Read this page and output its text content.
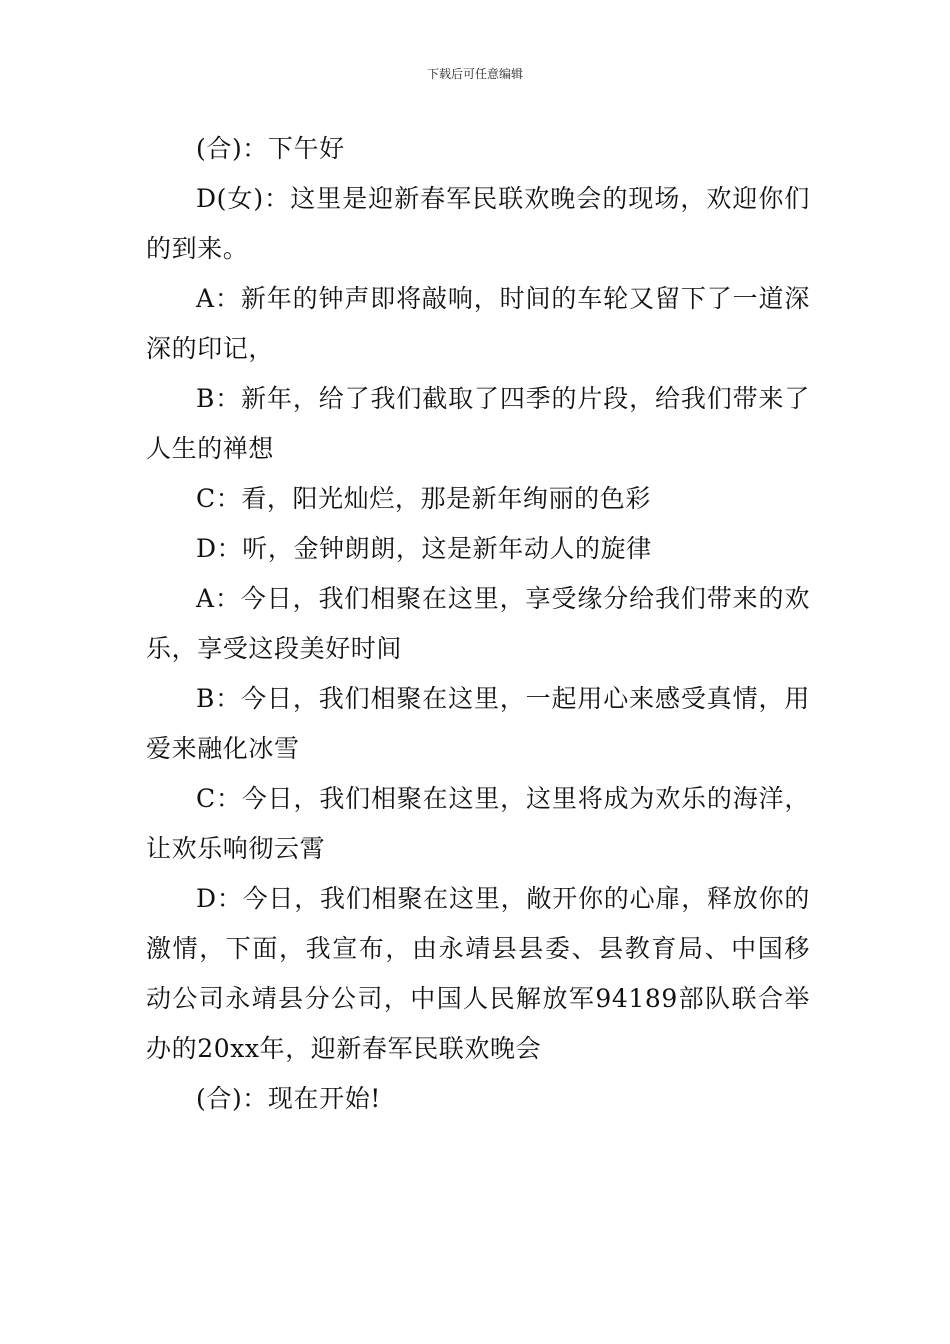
下载后可任意编辑

(合)：下午好

D(女)：这里是迎新春军民联欢晚会的现场，欢迎你们的到来。

A：新年的钟声即将敲响，时间的车轮又留下了一道深深的印记，

B：新年，给了我们截取了四季的片段，给我们带来了人生的禅想

C：看，阳光灿烂，那是新年绚丽的色彩

D：听，金钟朗朗，这是新年动人的旋律

A：今日，我们相聚在这里，享受缘分给我们带来的欢乐，享受这段美好时间

B：今日，我们相聚在这里，一起用心来感受真情，用爱来融化冰雪

C：今日，我们相聚在这里，这里将成为欢乐的海洋，让欢乐响彻云霄

D：今日，我们相聚在这里，敞开你的心扉，释放你的激情，下面，我宣布，由永靖县县委、县教育局、中国移动公司永靖县分公司，中国人民解放军94189部队联合举办的20xx年，迎新春军民联欢晚会

(合)：现在开始!
